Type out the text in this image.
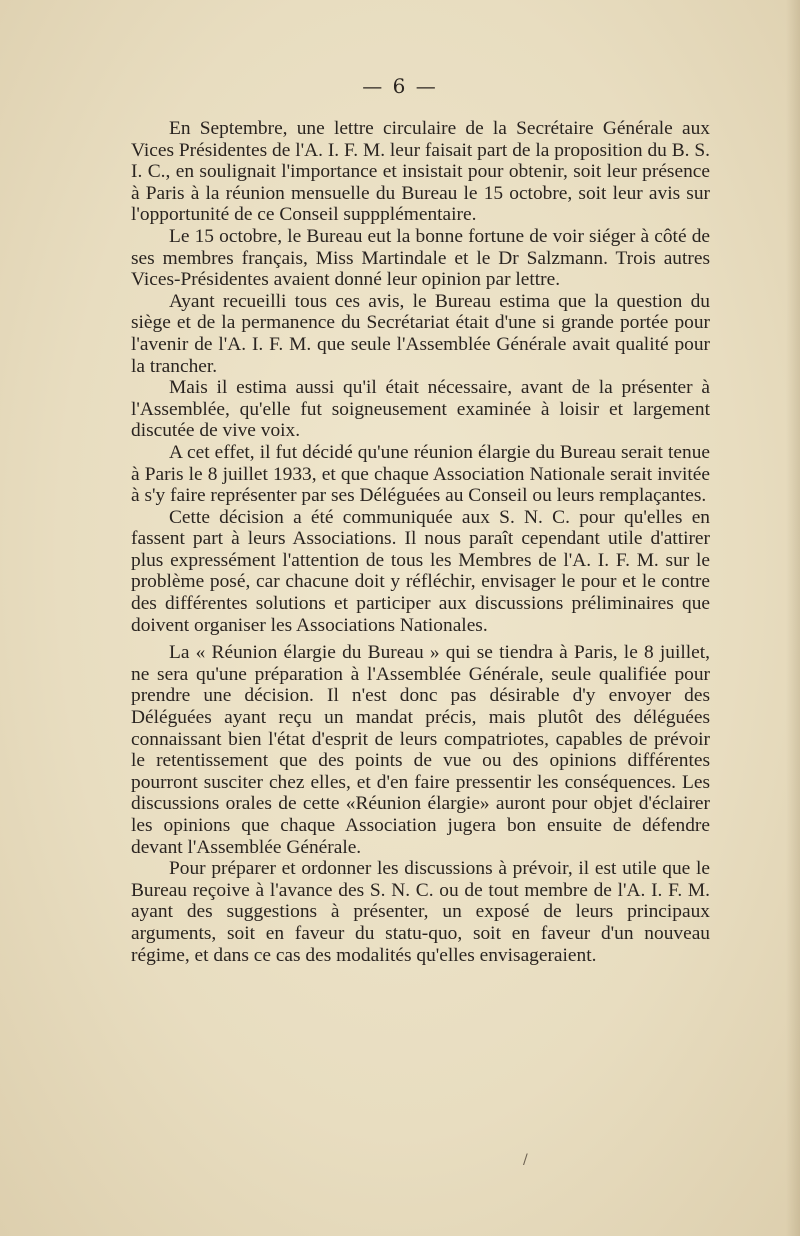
— 6 —

En Septembre, une lettre circulaire de la Secrétaire Générale aux Vices Présidentes de l'A. I. F. M. leur faisait part de la proposition du B. S. I. C., en soulignait l'importance et insistait pour obtenir, soit leur présence à Paris à la réunion mensuelle du Bureau le 15 octobre, soit leur avis sur l'opportunité de ce Conseil suppplémentaire.

Le 15 octobre, le Bureau eut la bonne fortune de voir siéger à côté de ses membres français, Miss Martindale et le Dr Salzmann. Trois autres Vices-Présidentes avaient donné leur opinion par lettre.

Ayant recueilli tous ces avis, le Bureau estima que la question du siège et de la permanence du Secrétariat était d'une si grande portée pour l'avenir de l'A. I. F. M. que seule l'Assemblée Générale avait qualité pour la trancher.

Mais il estima aussi qu'il était nécessaire, avant de la présenter à l'Assemblée, qu'elle fut soigneusement examinée à loisir et largement discutée de vive voix.

A cet effet, il fut décidé qu'une réunion élargie du Bureau serait tenue à Paris le 8 juillet 1933, et que chaque Association Nationale serait invitée à s'y faire représenter par ses Déléguées au Conseil ou leurs remplaçantes.

Cette décision a été communiquée aux S. N. C. pour qu'elles en fassent part à leurs Associations. Il nous paraît cependant utile d'attirer plus expressément l'attention de tous les Membres de l'A. I. F. M. sur le problème posé, car chacune doit y réfléchir, envisager le pour et le contre des différentes solutions et participer aux discussions préliminaires que doivent organiser les Associations Nationales.

La « Réunion élargie du Bureau » qui se tiendra à Paris, le 8 juillet, ne sera qu'une préparation à l'Assemblée Générale, seule qualifiée pour prendre une décision. Il n'est donc pas désirable d'y envoyer des Déléguées ayant reçu un mandat précis, mais plutôt des déléguées connaissant bien l'état d'esprit de leurs compatriotes, capables de prévoir le retentissement que des points de vue ou des opinions différentes pourront susciter chez elles, et d'en faire pressentir les conséquences. Les discussions orales de cette «Réunion élargie» auront pour objet d'éclairer les opinions que chaque Association jugera bon ensuite de défendre devant l'Assemblée Générale.

Pour préparer et ordonner les discussions à prévoir, il est utile que le Bureau reçoive à l'avance des S. N. C. ou de tout membre de l'A. I. F. M. ayant des suggestions à présenter, un exposé de leurs principaux arguments, soit en faveur du statu-quo, soit en faveur d'un nouveau régime, et dans ce cas des modalités qu'elles envisageraient.

/
